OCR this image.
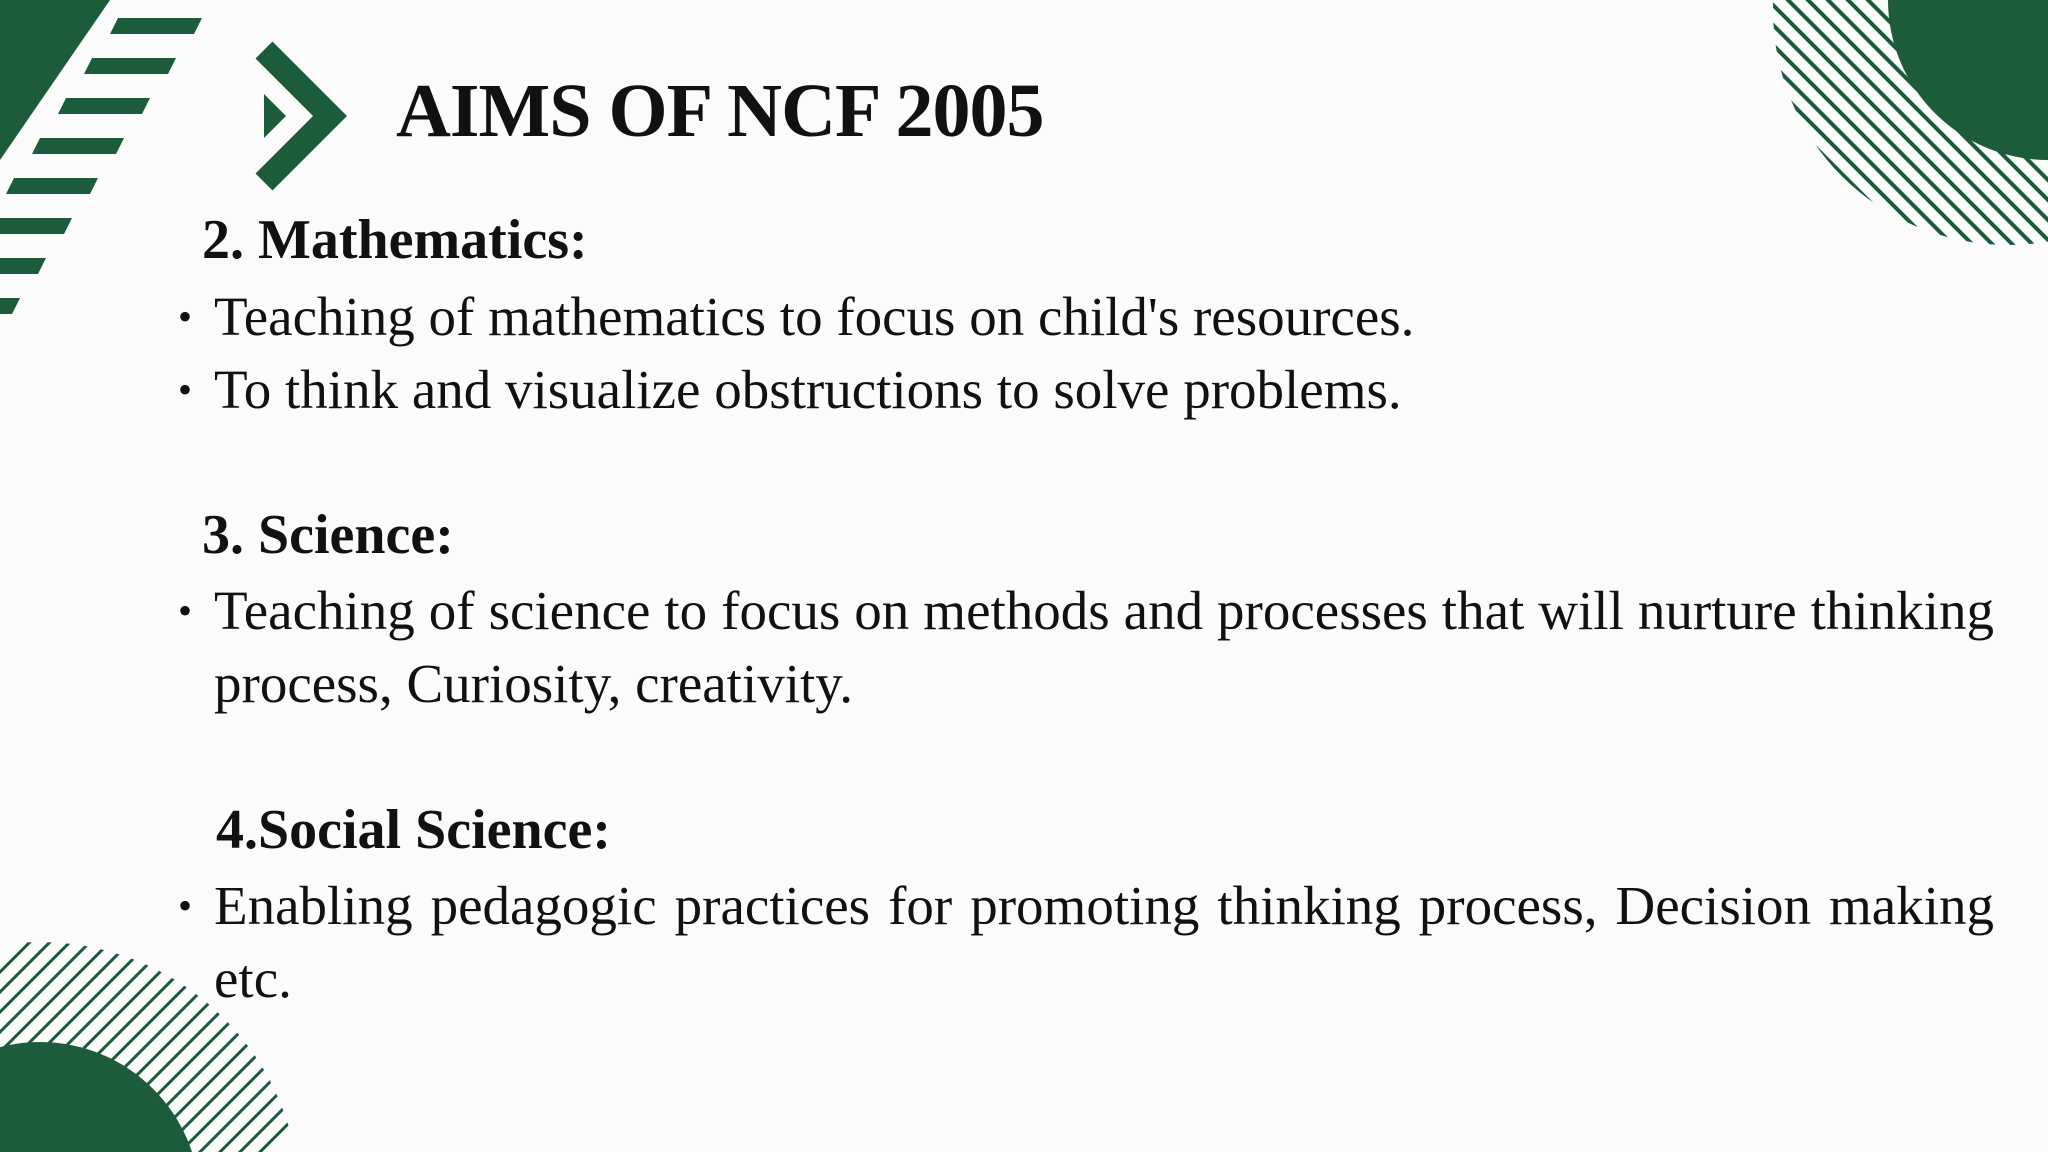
AIMS OF NCF 2005
2. Mathematics:
• Teaching of mathematics to focus on child's resources.
• To think and visualize obstructions to solve problems.
3. Science:
• Teaching of science to focus on methods and processes that will nurture thinking process, Curiosity, creativity.
4.Social Science:
• Enabling pedagogic practices for promoting thinking process, Decision making etc.
